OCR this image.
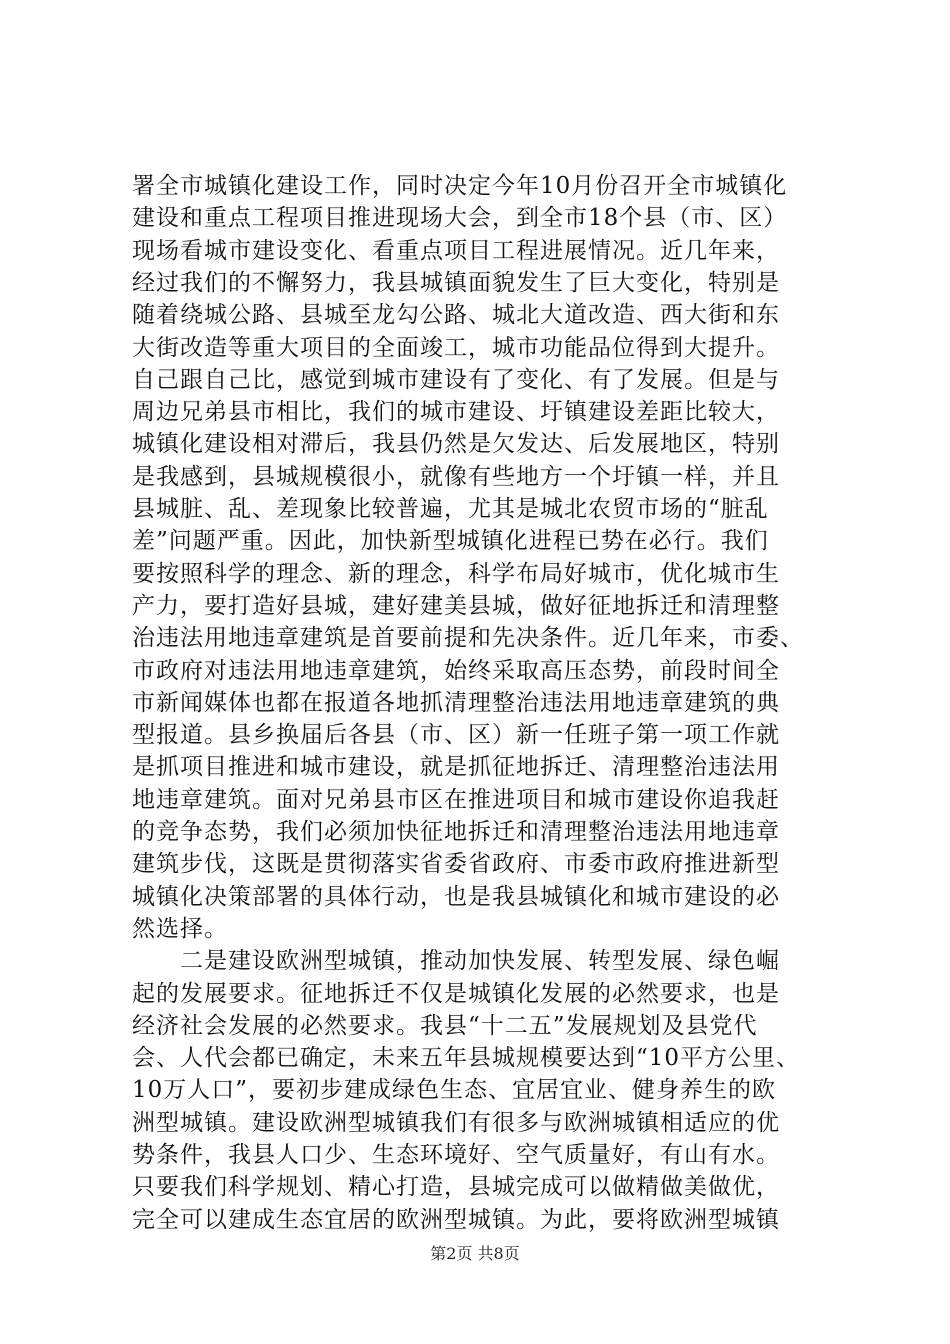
署全市城镇化建设工作，同时决定今年10月份召开全市城镇化
建设和重点工程项目推进现场大会，到全市18个县（市、区）
现场看城市建设变化、看重点项目工程进展情况。近几年来，
经过我们的不懈努力，我县城镇面貌发生了巨大变化，特别是
随着绕城公路、县城至龙勾公路、城北大道改造、西大街和东
大街改造等重大项目的全面竣工，城市功能品位得到大提升。
自己跟自己比，感觉到城市建设有了变化、有了发展。但是与
周边兄弟县市相比，我们的城市建设、圩镇建设差距比较大，
城镇化建设相对滞后，我县仍然是欠发达、后发展地区，特别
是我感到，县城规模很小，就像有些地方一个圩镇一样，并且
县城脏、乱、差现象比较普遍，尤其是城北农贸市场的“脏乱
差”问题严重。因此，加快新型城镇化进程已势在必行。我们
要按照科学的理念、新的理念，科学布局好城市，优化城市生
产力，要打造好县城，建好建美县城，做好征地拆迁和清理整
治违法用地违章建筑是首要前提和先决条件。近几年来，市委、
市政府对违法用地违章建筑，始终采取高压态势，前段时间全
市新闻媒体也都在报道各地抓清理整治违法用地违章建筑的典
型报道。县乡换届后各县（市、区）新一任班子第一项工作就
是抓项目推进和城市建设，就是抓征地拆迁、清理整治违法用
地违章建筑。面对兄弟县市区在推进项目和城市建设你追我赶
的竞争态势，我们必须加快征地拆迁和清理整治违法用地违章
建筑步伐，这既是贯彻落实省委省政府、市委市政府推进新型
城镇化决策部署的具体行动，也是我县城镇化和城市建设的必
然选择。
　　二是建设欧洲型城镇，推动加快发展、转型发展、绿色崛
起的发展要求。征地拆迁不仅是城镇化发展的必然要求，也是
经济社会发展的必然要求。我县“十二五”发展规划及县党代
会、人代会都已确定，未来五年县城规模要达到“10平方公里、
10万人口”，要初步建成绿色生态、宜居宜业、健身养生的欧
洲型城镇。建设欧洲型城镇我们有很多与欧洲城镇相适应的优
势条件，我县人口少、生态环境好、空气质量好，有山有水。
只要我们科学规划、精心打造，县城完成可以做精做美做优，
完全可以建成生态宜居的欧洲型城镇。为此，要将欧洲型城镇
第2页 共8页
